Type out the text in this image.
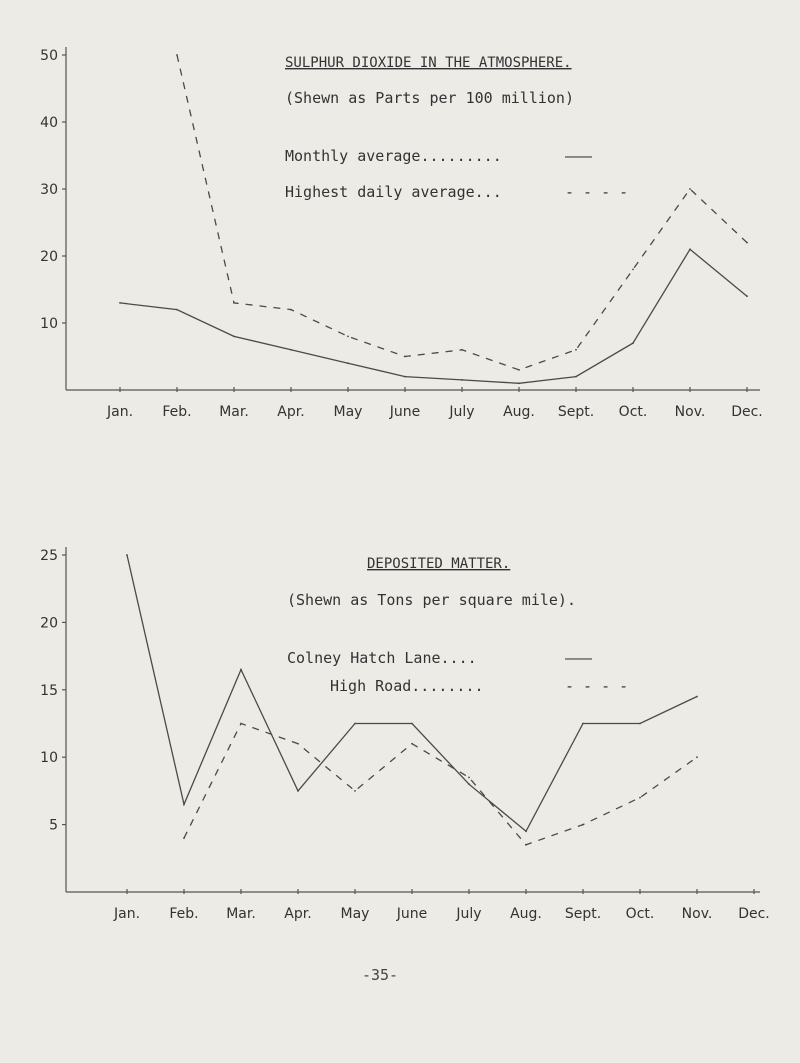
10
20
30
40
50
Jan. Feb. Mar. Apr. May June July Aug. Sept. Oct. Nov. Dec.
SULPHUR DIOXIDE IN THE ATMOSPHERE.
(Shewn as Parts per 100 million)
Monthly average.........	———
Highest daily average...	- - - -
5
10
15
20
25
Jan. Feb. Mar. Apr. May June July Aug. Sept. Oct. Nov. Dec.
DEPOSITED MATTER.
(Shewn as Tons per square mile).
Colney Hatch Lane....	———
High Road........	- - - -
-35-
